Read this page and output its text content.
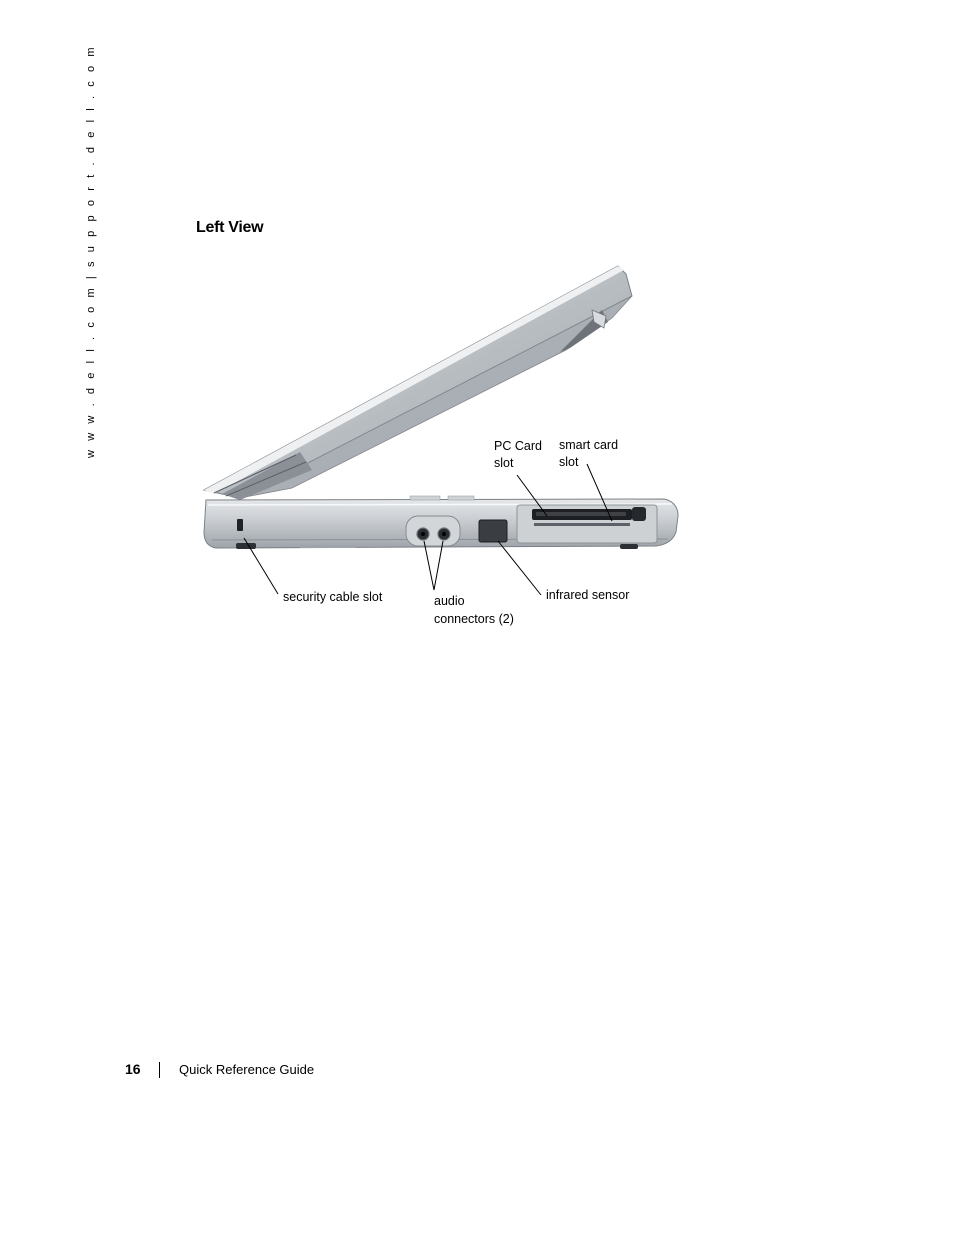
w w w . d e l l . c o m | s u p p o r t . d e l l . c o m	Left View
PC Card
slot
smart card
slot
security cable slot	audio
connectors (2)
infrared sensor
16	Quick Reference Guide
